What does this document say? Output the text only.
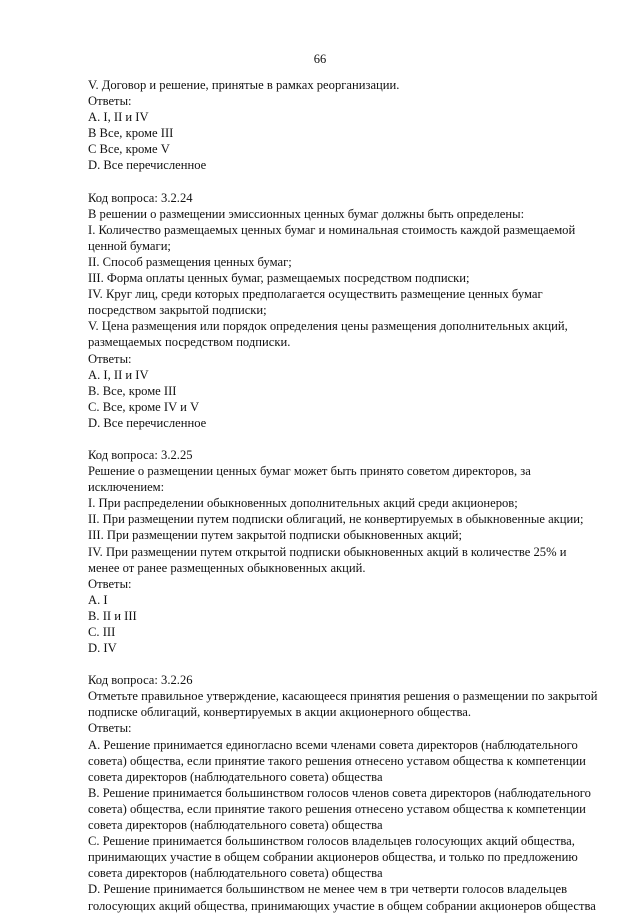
66
V. Договор и решение, принятые в рамках реорганизации.
Ответы:
A. I, II и IV
B Все, кроме III
C Все, кроме V
D. Все перечисленное
Код вопроса: 3.2.24
В решении о размещении эмиссионных ценных бумаг должны быть определены:
I. Количество размещаемых ценных бумаг и номинальная стоимость каждой размещаемой
ценной бумаги;
II. Способ размещения ценных бумаг;
III. Форма оплаты ценных бумаг, размещаемых посредством подписки;
IV. Круг лиц, среди которых предполагается осуществить размещение ценных бумаг
посредством закрытой подписки;
V. Цена размещения или порядок определения цены размещения дополнительных акций,
размещаемых посредством подписки.
Ответы:
A. I, II и IV
B. Все, кроме III
C. Все, кроме IV и V
D. Все перечисленное
Код вопроса: 3.2.25
Решение о размещении ценных бумаг может быть принято советом директоров, за
исключением:
I. При распределении обыкновенных дополнительных акций среди акционеров;
II. При размещении путем подписки облигаций, не конвертируемых в обыкновенные акции;
III. При размещении путем закрытой подписки обыкновенных акций;
IV. При размещении путем открытой подписки обыкновенных акций в количестве 25% и
менее от ранее размещенных обыкновенных акций.
Ответы:
A. I
B. II и III
C. III
D. IV
Код вопроса: 3.2.26
Отметьте правильное утверждение, касающееся принятия решения о размещении по закрытой
подписке облигаций, конвертируемых в акции акционерного общества.
Ответы:
A. Решение принимается единогласно всеми членами совета директоров (наблюдательного
совета) общества, если принятие такого решения отнесено уставом общества к компетенции
совета директоров (наблюдательного совета) общества
B. Решение принимается большинством голосов членов совета директоров (наблюдательного
совета) общества, если принятие такого решения отнесено уставом общества к компетенции
совета директоров (наблюдательного совета) общества
C. Решение принимается большинством голосов владельцев голосующих акций общества,
принимающих участие в общем собрании акционеров общества, и только по предложению
совета директоров (наблюдательного совета) общества
D. Решение принимается большинством не менее чем в три четверти голосов владельцев
голосующих акций общества, принимающих участие в общем собрании акционеров общества
